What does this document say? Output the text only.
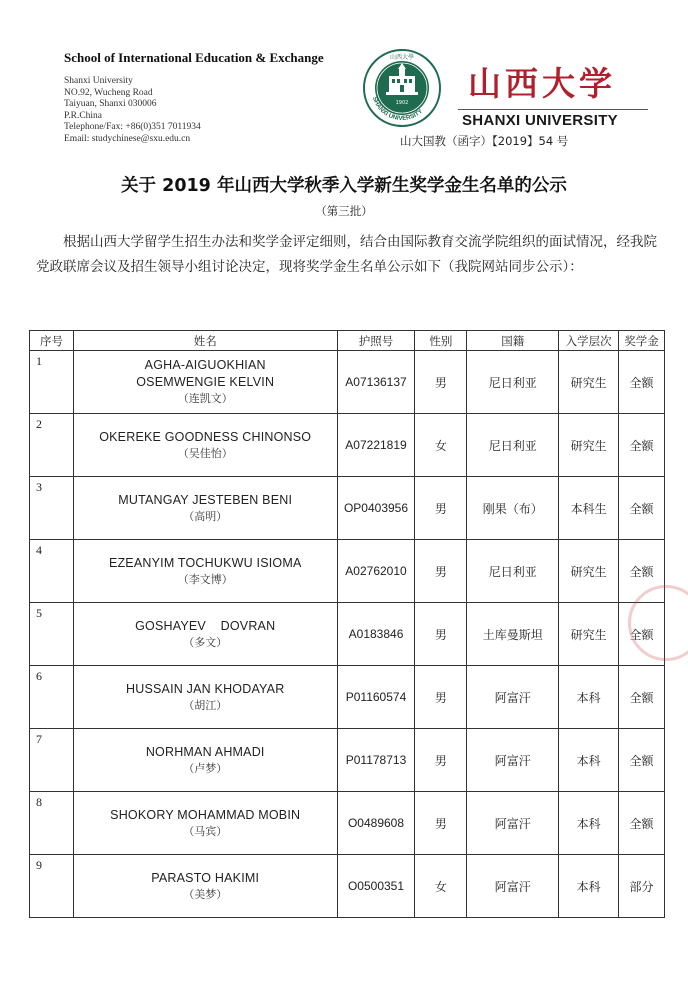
School of International Education & Exchange
Shanxi University
NO.92, Wucheng Road
Taiyuan, Shanxi 030006
P.R.China
Telephone/Fax: +86(0)351 7011934
Email: studychinese@sxu.edu.cn
1902
SHANXI UNIVERSITY
山西大學
山西大学
SHANXI UNIVERSITY
山大国教（函字）【2019】54 号
关于 2019 年山西大学秋季入学新生奖学金生名单的公示
（第三批）
根据山西大学留学生招生办法和奖学金评定细则，结合由国际教育交流学院组织的面试情况，经我院党政联席会议及招生领导小组讨论决定，现将奖学金生名单公示如下（我院网站同步公示）：
序号	姓名	护照号	性别	国籍	入学层次	奖学金
1	AGHA-AIGUOKHIAN
OSEMWENGIE KELVIN
（连凯文）	A07136137	男	尼日利亚	研究生	全额
2	OKEREKE GOODNESS CHINONSO
（吴佳怡）	A07221819	女	尼日利亚	研究生	全额
3	MUTANGAY JESTEBEN BENI
（高明）	OP0403956	男	刚果（布）	本科生	全额
4	EZEANYIM TOCHUKWU ISIOMA
（李文博）	A02762010	男	尼日利亚	研究生	全额
5	GOSHAYEV    DOVRAN
（多文）	A0183846	男	土库曼斯坦	研究生	全额
6	HUSSAIN JAN KHODAYAR
（胡江）	P01160574	男	阿富汗	本科	全额
7	NORHMAN AHMADI
（卢梦）	P01178713	男	阿富汗	本科	全额
8	SHOKORY MOHAMMAD MOBIN
（马宾）	O0489608	男	阿富汗	本科	全额
9	PARASTO HAKIMI
（美梦）	O0500351	女	阿富汗	本科	部分
